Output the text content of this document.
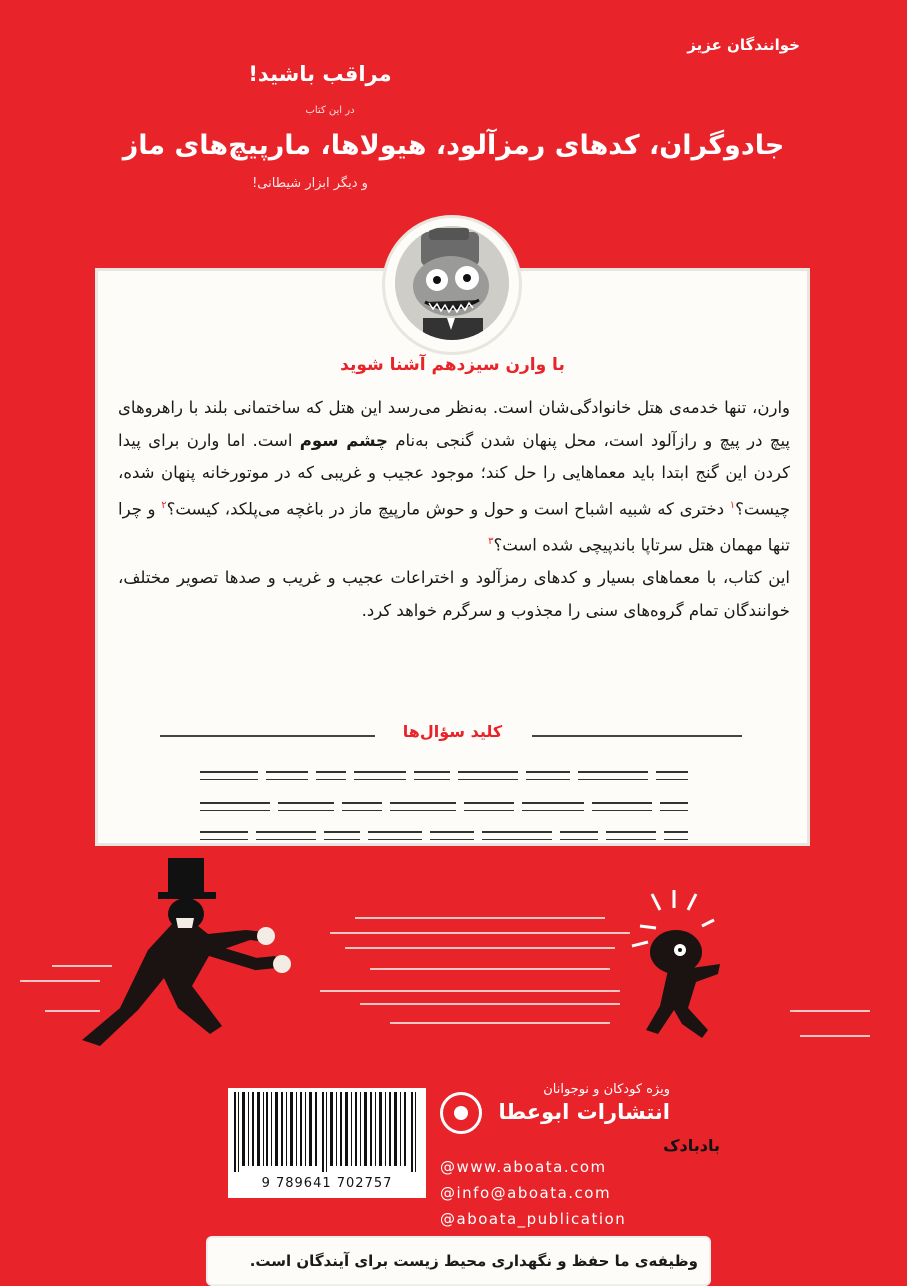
خوانندگان عزیز
مراقب باشید!
در این کتاب
جادوگران، کدهای رمزآلود، هیولاها، مارپیچ‌های ماز
و دیگر ابزار شیطانی!
با وارن سیزدهم آشنا شوید

وارن، تنها خدمه‌ی هتل خانوادگی‌شان است. به‌نظر می‌رسد این هتل که ساختمانی بلند با راهروهای پیچ در پیچ و رازآلود است، محل پنهان شدن گنجی به‌نام چشم سوم است. اما وارن برای پیدا کردن این گنج ابتدا باید معماهایی را حل کند؛ موجود عجیب و غریبی که در موتورخانه پنهان شده، چیست؟$^۱$ دختری که شبیه اشباح است و حول و حوش مارپیچ ماز در باغچه می‌پلکد، کیست؟$^۲$ و چرا تنها مهمان هتل سرتاپا باندپیچی شده است؟$^۳$

این کتاب، با معماهای بسیار و کدهای رمزآلود و اختراعات عجیب و غریب و صدها تصویر مختلف، خوانندگان تمام گروه‌های سنی را مجذوب و سرگرم خواهد کرد.

کلید سؤال‌ها
9 789641 702757
ویژه کودکان و نوجوانان
انتشارات ابوعطا
بادبادک
@www.aboata.com
@info@aboata.com
@aboata_publication
وظیفه‌ی ما حفظ و نگهداری محیط زیست برای آیندگان است.
